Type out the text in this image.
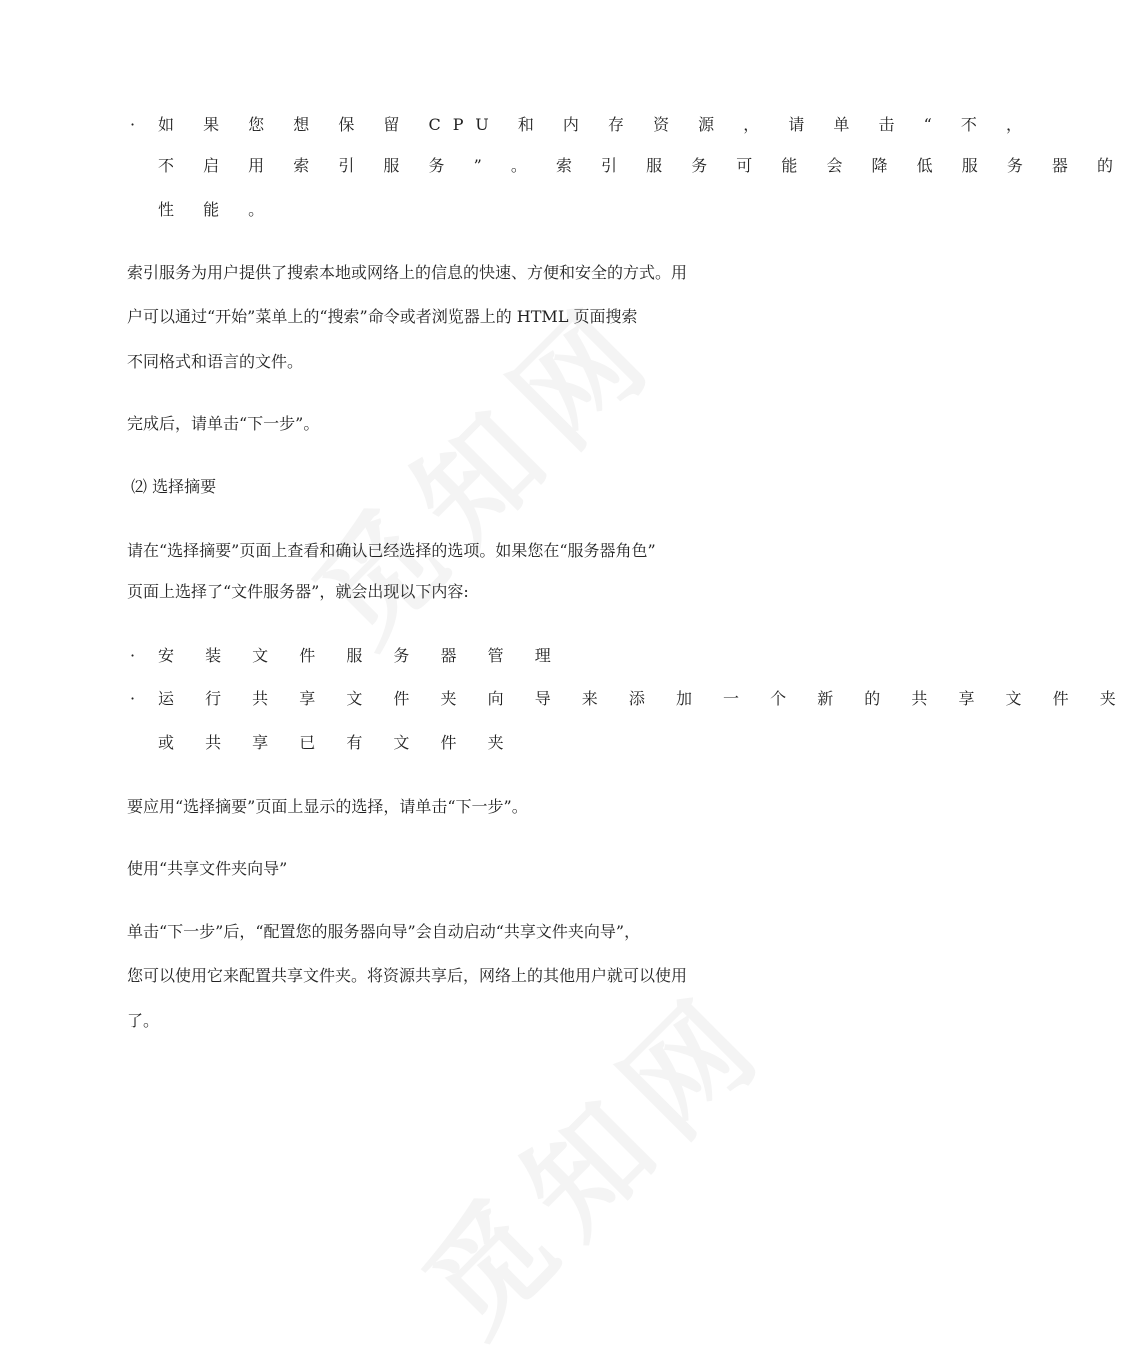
· 如 果 您 想 保 留 CPU 和 内 存 资 源 ， 请 单 击 “ 不 ，
不 启 用 索 引 服 务 ” 。 索 引 服 务 可 能 会 降 低 服 务 器 的
性 能 。
索引服务为用户提供了搜索本地或网络上的信息的快速、方便和安全的方式。用
户可以通过“开始”菜单上的“搜索”命令或者浏览器上的 HTML 页面搜索
不同格式和语言的文件。
完成后，请单击“下一步”。
⑵ 选择摘要
请在“选择摘要”页面上查看和确认已经选择的选项。如果您在“服务器角色”
页面上选择了“文件服务器”，就会出现以下内容:
· 安 装 文 件 服 务 器 管 理
· 运 行 共 享 文 件 夹 向 导 来 添 加 一 个 新 的 共 享 文 件 夹
或 共 享 已 有 文 件 夹
要应用“选择摘要”页面上显示的选择，请单击“下一步”。
使用“共享文件夹向导”
单击“下一步”后，“配置您的服务器向导”会自动启动“共享文件夹向导”，
您可以使用它来配置共享文件夹。将资源共享后，网络上的其他用户就可以使用
了。
